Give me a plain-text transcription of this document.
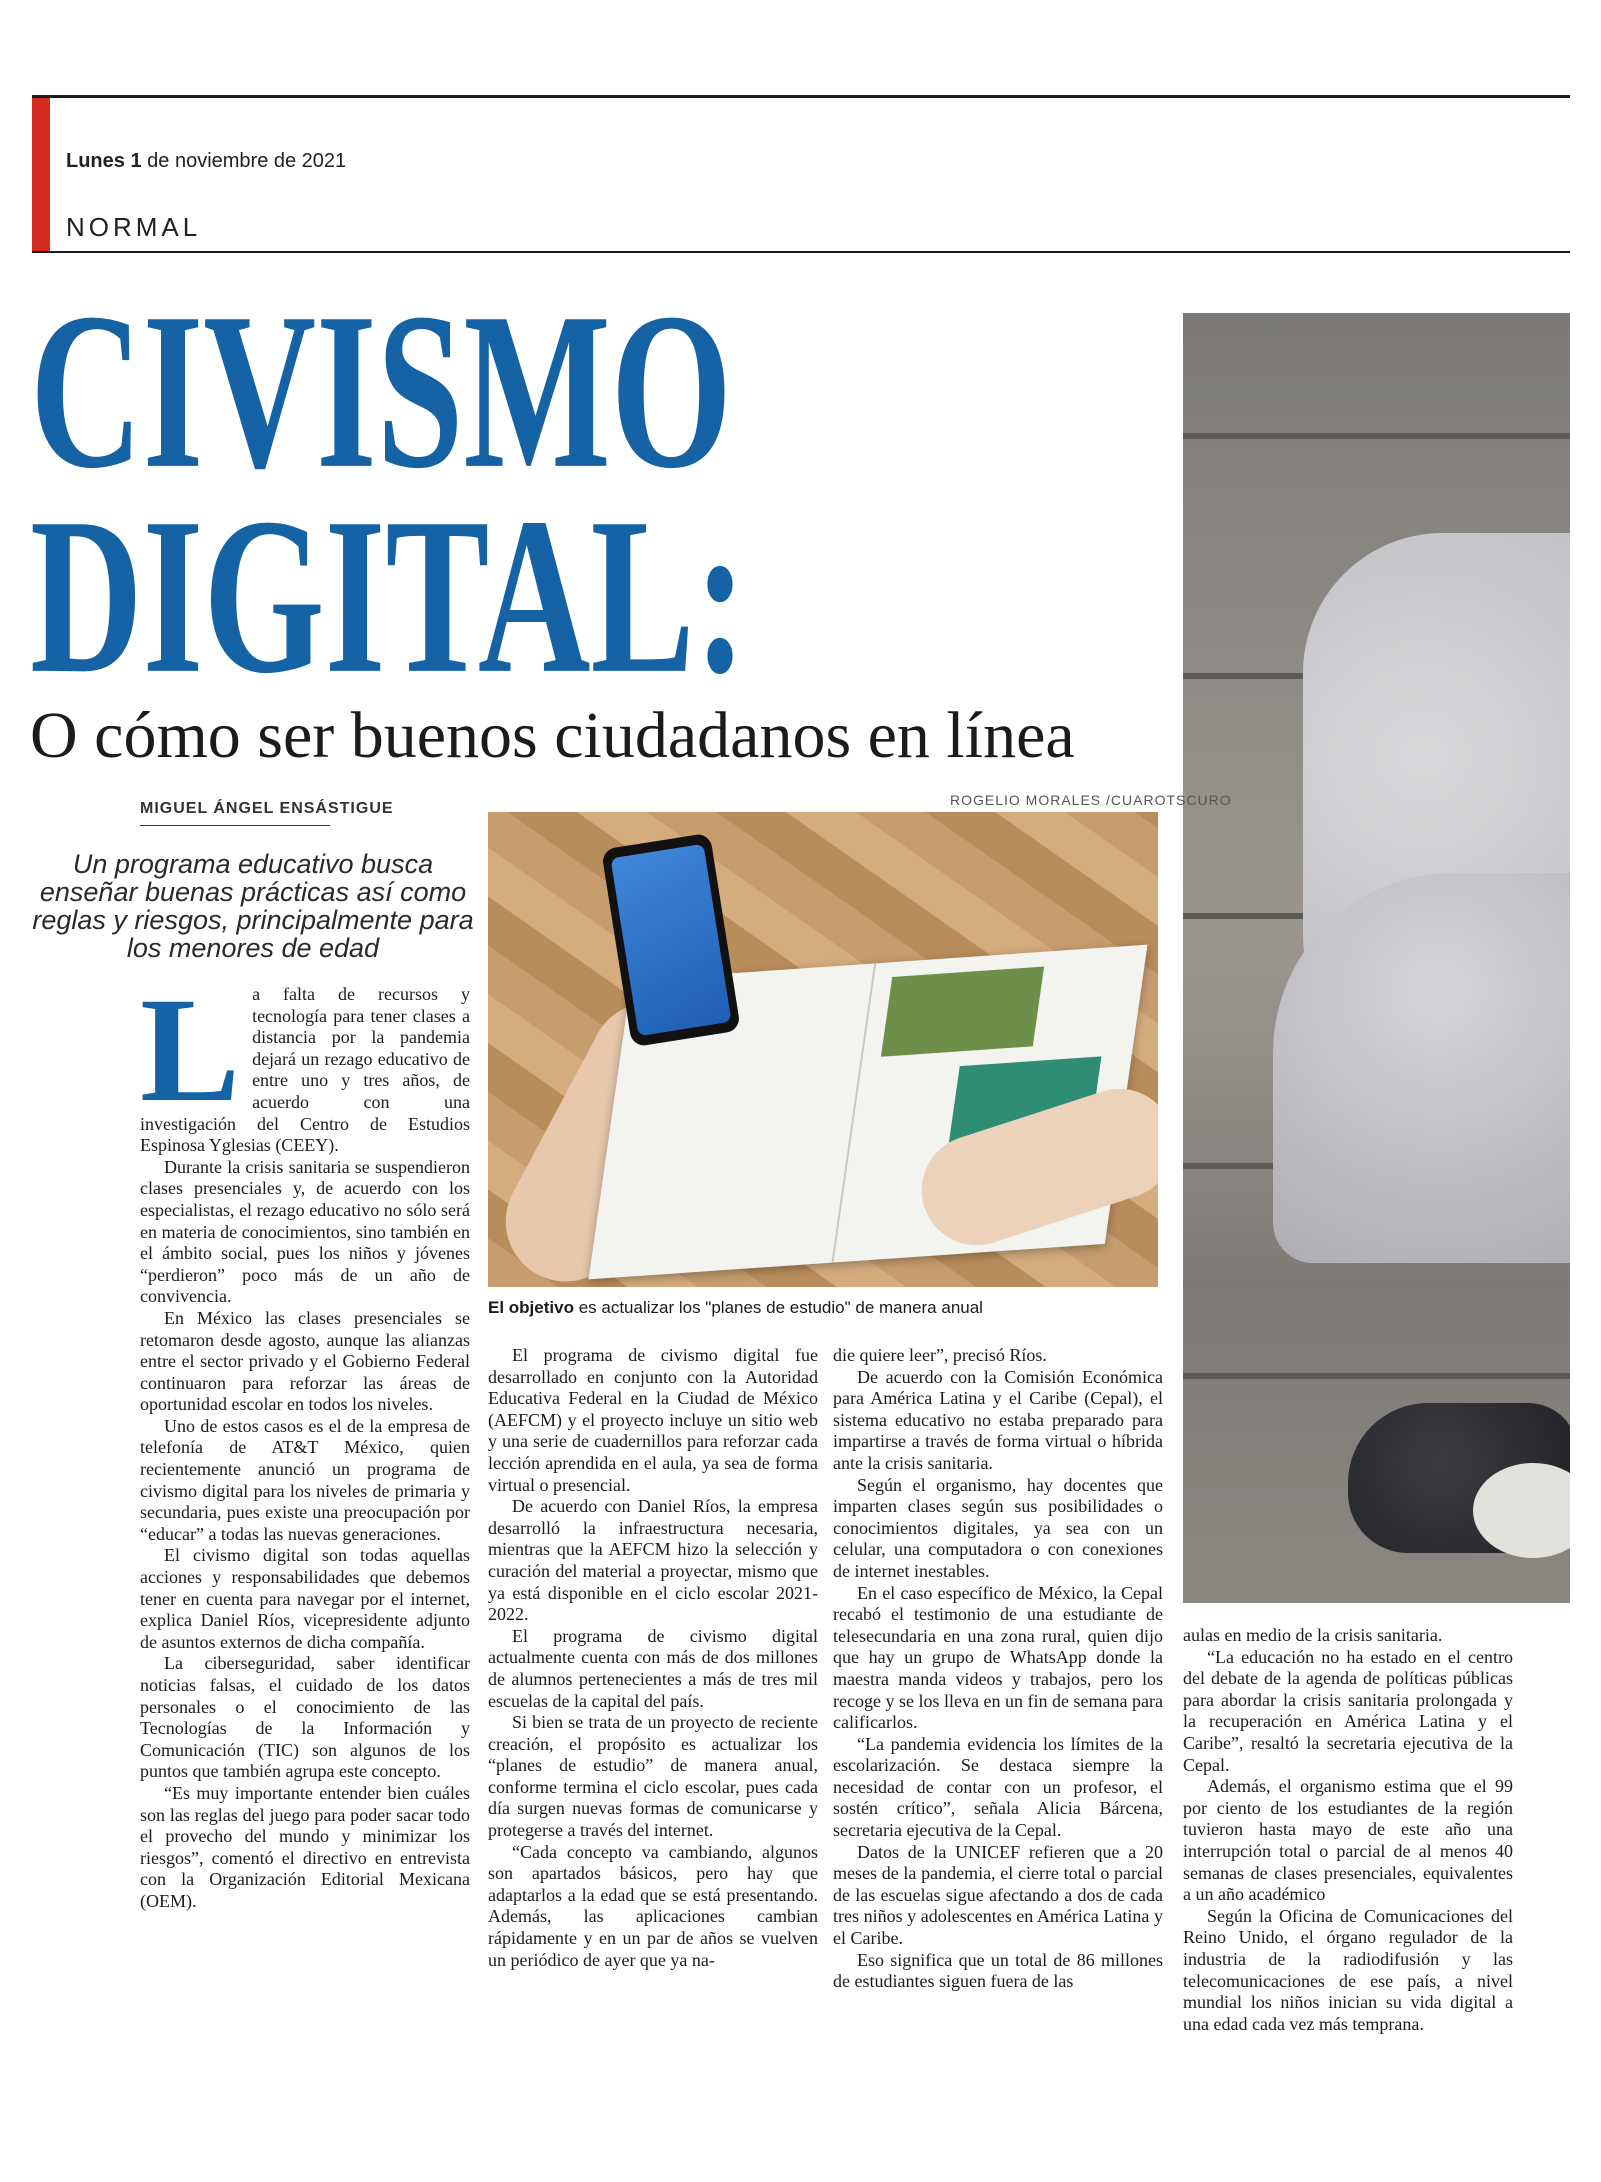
Lunes 1 de noviembre de 2021
NORMAL
CIVISMO
DIGITAL:
O cómo ser buenos ciudadanos en línea
MIGUEL ÁNGEL ENSÁSTIGUE	ROGELIO MORALES /CUAROTSCURO
Un programa educativo busca enseñar buenas prácticas así como reglas y riesgos, principalmente para los menores de edad
El objetivo es actualizar los "planes de estudio" de manera anual
L a falta de recursos y tecnología para tener clases a distancia por la pandemia dejará un rezago educativo de entre uno y tres años, de acuerdo con una investigación del Centro de Estudios Espinosa Yglesias (CEEY).

Durante la crisis sanitaria se suspendieron clases presenciales y, de acuerdo con los especialistas, el rezago educativo no sólo será en materia de conocimientos, sino también en el ámbito social, pues los niños y jóvenes “perdieron” poco más de un año de convivencia.

En México las clases presenciales se retomaron desde agosto, aunque las alianzas entre el sector privado y el Gobierno Federal continuaron para reforzar las áreas de oportunidad escolar en todos los niveles.

Uno de estos casos es el de la empresa de telefonía de AT&T México, quien recientemente anunció un programa de civismo digital para los niveles de primaria y secundaria, pues existe una preocupación por “educar” a todas las nuevas generaciones.

El civismo digital son todas aquellas acciones y responsabilidades que debemos tener en cuenta para navegar por el internet, explica Daniel Ríos, vicepresidente adjunto de asuntos externos de dicha compañía.

La ciberseguridad, saber identificar noticias falsas, el cuidado de los datos personales o el conocimiento de las Tecnologías de la Información y Comunicación (TIC) son algunos de los puntos que también agrupa este concepto.

“Es muy importante entender bien cuáles son las reglas del juego para poder sacar todo el provecho del mundo y minimizar los riesgos”, comentó el directivo en entrevista con la Organización Editorial Mexicana (OEM).

El programa de civismo digital fue desarrollado en conjunto con la Autoridad Educativa Federal en la Ciudad de México (AEFCM) y el proyecto incluye un sitio web y una serie de cuadernillos para reforzar cada lección aprendida en el aula, ya sea de forma virtual o presencial.

De acuerdo con Daniel Ríos, la empresa desarrolló la infraestructura necesaria, mientras que la AEFCM hizo la selección y curación del material a proyectar, mismo que ya está disponible en el ciclo escolar 2021-2022.

El programa de civismo digital actualmente cuenta con más de dos millones de alumnos pertenecientes a más de tres mil escuelas de la capital del país.

Si bien se trata de un proyecto de reciente creación, el propósito es actualizar los “planes de estudio” de manera anual, conforme termina el ciclo escolar, pues cada día surgen nuevas formas de comunicarse y protegerse a través del internet.

“Cada concepto va cambiando, algunos son apartados básicos, pero hay que adaptarlos a la edad que se está presentando. Además, las aplicaciones cambian rápidamente y en un par de años se vuelven un periódico de ayer que ya na-

die quiere leer”, precisó Ríos.

De acuerdo con la Comisión Económica para América Latina y el Caribe (Cepal), el sistema educativo no estaba preparado para impartirse a través de forma virtual o híbrida ante la crisis sanitaria.

Según el organismo, hay docentes que imparten clases según sus posibilidades o conocimientos digitales, ya sea con un celular, una computadora o con conexiones de internet inestables.

En el caso específico de México, la Cepal recabó el testimonio de una estudiante de telesecundaria en una zona rural, quien dijo que hay un grupo de WhatsApp donde la maestra manda videos y trabajos, pero los recoge y se los lleva en un fin de semana para calificarlos.

“La pandemia evidencia los límites de la escolarización. Se destaca siempre la necesidad de contar con un profesor, el sostén crítico”, señala Alicia Bárcena, secretaria ejecutiva de la Cepal.

Datos de la UNICEF refieren que a 20 meses de la pandemia, el cierre total o parcial de las escuelas sigue afectando a dos de cada tres niños y adolescentes en América Latina y el Caribe.

Eso significa que un total de 86 millones de estudiantes siguen fuera de las

aulas en medio de la crisis sanitaria.

“La educación no ha estado en el centro del debate de la agenda de políticas públicas para abordar la crisis sanitaria prolongada y la recuperación en América Latina y el Caribe”, resaltó la secretaria ejecutiva de la Cepal.

Además, el organismo estima que el 99 por ciento de los estudiantes de la región tuvieron hasta mayo de este año una interrupción total o parcial de al menos 40 semanas de clases presenciales, equivalentes a un año académico

Según la Oficina de Comunicaciones del Reino Unido, el órgano regulador de la industria de la radiodifusión y las telecomunicaciones de ese país, a nivel mundial los niños inician su vida digital a una edad cada vez más temprana.
